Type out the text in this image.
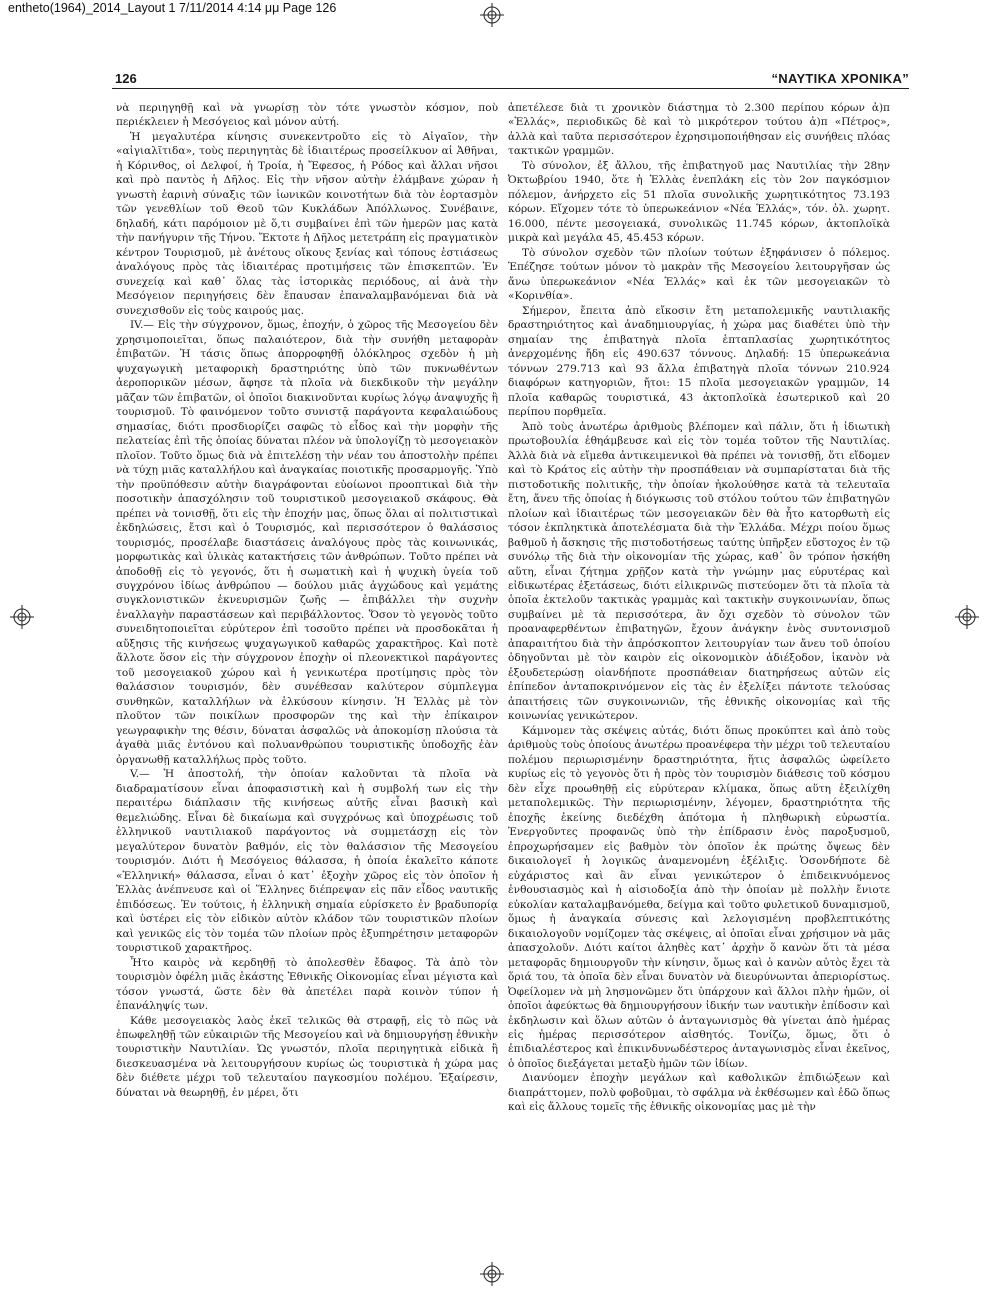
entheto(1964)_2014_Layout 1 7/11/2014 4:14 μμ Page 126
126	“ΝΑΥΤΙΚΑ ΧΡΟΝΙΚΑ”

νὰ περιηγηθῇ καὶ νὰ γνωρίσῃ τὸν τότε γνωστὸν κόσμον, ποὺ περιέκλειεν ἡ Μεσόγειος καὶ μόνον αὐτή.

Ἡ μεγαλυτέρα κίνησις συνεκεντροῦτο εἰς τὸ Αἰγαῖον, τὴν «αἰγιαλῖτιδα», τοὺς περιηγητὰς δὲ ἰδιαιτέρως προσείλκυον αἱ Ἀθῆναι, ἡ Κόρινθος, οἱ Δελφοί, ἡ Τροία, ἡ Ἔφεσος, ἡ Ρόδος καὶ ἄλλαι νῆσοι καὶ πρὸ παντὸς ἡ Δῆλος. Εἰς τὴν νῆσον αὐτὴν ἐλάμβανε χώραν ἡ γνωστὴ ἐαρινὴ σύναξις τῶν ἰωνικῶν κοινοτήτων διὰ τὸν ἑορτασμὸν τῶν γενεθλίων τοῦ Θεοῦ τῶν Κυκλάδων Ἀπόλλωνος. Συνέβαινε, δηλαδή, κάτι παρόμοιον μὲ ὅ,τι συμβαίνει ἐπὶ τῶν ἡμερῶν μας κατὰ τὴν πανήγυριν τῆς Τήνου. Ἔκτοτε ἡ Δῆλος μετετράπη εἰς πραγματικὸν κέντρον Τουρισμοῦ, μὲ ἀνέτους οἴκους ξενίας καὶ τόπους ἑστιάσεως ἀναλόγους πρὸς τὰς ἰδιαιτέρας προτιμήσεις τῶν ἐπισκεπτῶν. Ἐν συνεχείᾳ καὶ καθ᾽ ὅλας τὰς ἱστορικὰς περιόδους, αἱ ἀνὰ τὴν Μεσόγειον περιηγήσεις δὲν ἔπαυσαν ἐπαναλαμβανόμεναι διὰ νὰ συνεχισθοῦν εἰς τοὺς καιρούς μας.

IV.— Εἰς τὴν σύγχρονον, ὅμως, ἐποχήν, ὁ χῶρος τῆς Μεσογείου δὲν χρησιμοποιεῖται, ὅπως παλαιότερον, διὰ τὴν συνήθη μεταφορὰν ἐπιβατῶν. Ἡ τάσις ὅπως ἀπορροφηθῇ ὁλόκληρος σχεδὸν ἡ μὴ ψυχαγωγικὴ μεταφορικὴ δραστηριότης ὑπὸ τῶν πυκνωθέντων ἀεροπορικῶν μέσων, ἄφησε τὰ πλοῖα νὰ διεκδικοῦν τὴν μεγάλην μᾶζαν τῶν ἐπιβατῶν, οἱ ὁποῖοι διακινοῦνται κυρίως λόγῳ ἀναψυχῆς ἢ τουρισμοῦ. Τὸ φαινόμενον τοῦτο συνιστᾷ παράγοντα κεφαλαιώδους σημασίας, διότι προσδιορίζει σαφῶς τὸ εἶδος καὶ τὴν μορφὴν τῆς πελατείας ἐπὶ τῆς ὁποίας δύναται πλέον νὰ ὑπολογίζῃ τὸ μεσογειακὸν πλοῖον. Τοῦτο ὅμως διὰ νὰ ἐπιτελέσῃ τὴν νέαν του ἀποστολὴν πρέπει νὰ τύχῃ μιᾶς καταλλήλου καὶ ἀναγκαίας ποιοτικῆς προσαρμογῆς. Ὑπὸ τὴν προϋπόθεσιν αὐτὴν διαγράφονται εὐοίωνοι προοπτικαὶ διὰ τὴν ποσοτικὴν ἀπασχόλησιν τοῦ τουριστικοῦ μεσογειακοῦ σκάφους. Θὰ πρέπει νὰ τονισθῇ, ὅτι εἰς τὴν ἐποχήν μας, ὅπως ὅλαι αἱ πολιτιστικαὶ ἐκδηλώσεις, ἔτσι καὶ ὁ Τουρισμός, καὶ περισσότερον ὁ θαλάσσιος τουρισμός, προσέλαβε διαστάσεις ἀναλόγους πρὸς τὰς κοινωνικάς, μορφωτικὰς καὶ ὑλικὰς κατακτήσεις τῶν ἀνθρώπων. Τοῦτο πρέπει νὰ ἀποδοθῇ εἰς τὸ γεγονός, ὅτι ἡ σωματικὴ καὶ ἡ ψυχικὴ ὑγεία τοῦ συγχρόνου ἰδίως ἀνθρώπου — δούλου μιᾶς ἀγχώδους καὶ γεμάτης συγκλονιστικῶν ἐκνευρισμῶν ζωῆς — ἐπιβάλλει τὴν συχνὴν ἐναλλαγὴν παραστάσεων καὶ περιβάλλοντος. Ὅσον τὸ γεγονὸς τοῦτο συνειδητοποιεῖται εὐρύτερον ἐπὶ τοσοῦτο πρέπει νὰ προσδοκᾶται ἡ αὔξησις τῆς κινήσεως ψυχαγωγικοῦ καθαρῶς χαρακτῆρος. Καὶ ποτὲ ἄλλοτε ὅσον εἰς τὴν σύγχρονον ἐποχὴν οἱ πλεονεκτικοὶ παράγοντες τοῦ μεσογειακοῦ χώρου καὶ ἡ γενικωτέρα προτίμησις πρὸς τὸν θαλάσσιον τουρισμόν, δὲν συνέθεσαν καλύτερον σύμπλεγμα συνθηκῶν, καταλλήλων νὰ ἑλκύσουν κίνησιν. Ἡ Ἑλλὰς μὲ τὸν πλοῦτον τῶν ποικίλων προσφορῶν της καὶ τὴν ἐπίκαιρον γεωγραφικὴν της θέσιν, δύναται ἀσφαλῶς νὰ ἀποκομίσῃ πλούσια τὰ ἀγαθὰ μιᾶς ἐντόνου καὶ πολυανθρώπου τουριστικῆς ὑποδοχῆς ἐὰν ὀργανωθῇ καταλλήλως πρὸς τοῦτο.

V.— Ἡ ἀποστολή, τὴν ὁποίαν καλοῦνται τὰ πλοῖα νὰ διαδραματίσουν εἶναι ἀποφασιστικὴ καὶ ἡ συμβολή των εἰς τὴν περαιτέρω διάπλασιν τῆς κινήσεως αὐτῆς εἶναι βασικὴ καὶ θεμελιώδης. Εἶναι δὲ δικαίωμα καὶ συγχρόνως καὶ ὑποχρέωσις τοῦ ἑλληνικοῦ ναυτιλιακοῦ παράγοντος νὰ συμμετάσχῃ εἰς τὸν μεγαλύτερον δυνατὸν βαθμόν, εἰς τὸν θαλάσσιον τῆς Μεσογείου τουρισμόν. Διότι ἡ Μεσόγειος θάλασσα, ἡ ὁποία ἐκαλεῖτο κάποτε «Ἑλληνική» θάλασσα, εἶναι ὁ κατ᾽ ἐξοχὴν χῶρος εἰς τὸν ὁποῖον ἡ Ἑλλὰς ἀνέπνευσε καὶ οἱ Ἕλληνες διέπρεψαν εἰς πᾶν εἶδος ναυτικῆς ἐπιδόσεως. Ἐν τούτοις, ἡ ἑλληνικὴ σημαία εὑρίσκετο ἐν βραδυπορίᾳ καὶ ὑστέρει εἰς τὸν εἰδικὸν αὐτὸν κλάδον τῶν τουριστικῶν πλοίων καὶ γενικῶς εἰς τὸν τομέα τῶν πλοίων πρὸς ἐξυπηρέτησιν μεταφορῶν τουριστικοῦ χαρακτῆρος.

Ἦτο καιρὸς νὰ κερδηθῇ τὸ ἀπολεσθὲν ἔδαφος. Τὰ ἀπὸ τὸν τουρισμὸν ὀφέλη μιᾶς ἑκάστης Ἐθνικῆς Οἰκονομίας εἶναι μέγιστα καὶ τόσον γνωστά, ὥστε δὲν θὰ ἀπετέλει παρὰ κοινὸν τύπον ἡ ἐπανάληψίς των.

Κάθε μεσογειακὸς λαὸς ἐκεῖ τελικῶς θὰ στραφῇ, εἰς τὸ πῶς νὰ ἐπωφεληθῇ τῶν εὐκαιριῶν τῆς Μεσογείου καὶ νὰ δημιουργήσῃ ἐθνικὴν τουριστικὴν Ναυτιλίαν. Ὡς γνωστόν, πλοῖα περιηγητικὰ εἰδικὰ ἢ διεσκευασμένα νὰ λειτουργήσουν κυρίως ὡς τουριστικὰ ἡ χώρα μας δὲν διέθετε μέχρι τοῦ τελευταίου παγκοσμίου πολέμου. Ἐξαίρεσιν, δύναται νὰ θεωρηθῇ, ἐν μέρει, ὅτι

ἀπετέλεσε διὰ τι χρονικὸν διάστημα τὸ 2.300 περίπου κόρων ἀ)π «Ἑλλάς», περιοδικῶς δὲ καὶ τὸ μικρότερον τούτου ἀ)π «Πέτρος», ἀλλὰ καὶ ταῦτα περισσότερον ἐχρησιμοποιήθησαν εἰς συνήθεις πλόας τακτικῶν γραμμῶν.

Τὸ σύνολον, ἐξ ἄλλου, τῆς ἐπιβατηγοῦ μας Ναυτιλίας τὴν 28ην Ὀκτωβρίου 1940, ὅτε ἡ Ἑλλὰς ἐνεπλάκη εἰς τὸν 2ον παγκόσμιον πόλεμον, ἀνήρχετο εἰς 51 πλοῖα συνολικῆς χωρητικότητος 73.193 κόρων. Εἴχομεν τότε τὸ ὑπερωκεάνιον «Νέα Ἑλλάς», τόν. ὀλ. χωρητ. 16.000, πέντε μεσογειακά, συνολικῶς 11.745 κόρων, ἀκτοπλοϊκὰ μικρὰ καὶ μεγάλα 45, 45.453 κόρων.

Τὸ σύνολον σχεδὸν τῶν πλοίων τούτων ἐξηφάνισεν ὁ πόλεμος. Ἐπέζησε τούτων μόνον τὸ μακρὰν τῆς Μεσογείου λειτουργῆσαν ὡς ἄνω ὑπερωκεάνιον «Νέα Ἑλλάς» καὶ ἐκ τῶν μεσογειακῶν τὸ «Κορινθία».

Σήμερον, ἔπειτα ἀπὸ εἴκοσιν ἔτη μεταπολεμικῆς ναυτιλιακῆς δραστηριότητος καὶ ἀναδημιουργίας, ἡ χώρα μας διαθέτει ὑπὸ τὴν σημαίαν της ἐπιβατηγὰ πλοῖα ἑπταπλασίας χωρητικότητος ἀνερχομένης ἤδη εἰς 490.637 τόννους. Δηλαδή: 15 ὑπερωκεάνια τόννων 279.713 καὶ 93 ἄλλα ἐπιβατηγὰ πλοῖα τόννων 210.924 διαφόρων κατηγοριῶν, ἤτοι: 15 πλοῖα μεσογειακῶν γραμμῶν, 14 πλοῖα καθαρῶς τουριστικά, 43 ἀκτοπλοϊκὰ ἐσωτερικοῦ καὶ 20 περίπου πορθμεῖα.

Ἀπὸ τοὺς ἀνωτέρω ἀριθμοὺς βλέπομεν καὶ πάλιν, ὅτι ἡ ἰδιωτικὴ πρωτοβουλία ἐθηάμβευσε καὶ εἰς τὸν τομέα τοῦτον τῆς Ναυτιλίας. Ἀλλὰ διὰ νὰ εἴμεθα ἀντικειμενικοὶ θὰ πρέπει νὰ τονισθῇ, ὅτι εἴδομεν καὶ τὸ Κράτος εἰς αὐτὴν τὴν προσπάθειαν νὰ συμπαρίσταται διὰ τῆς πιστοδοτικῆς πολιτικῆς, τὴν ὁποίαν ἠκολούθησε κατὰ τὰ τελευταῖα ἔτη, ἄνευ τῆς ὁποίας ἡ διόγκωσις τοῦ στόλου τούτου τῶν ἐπιβατηγῶν πλοίων καὶ ἰδιαιτέρως τῶν μεσογειακῶν δὲν θὰ ἦτο κατορθωτὴ εἰς τόσον ἐκπληκτικὰ ἀποτελέσματα διὰ τὴν Ἑλλάδα. Μέχρι ποίου ὅμως βαθμοῦ ἡ ἄσκησις τῆς πιστοδοτήσεως ταύτης ὑπῆρξεν εὔστοχος ἐν τῷ συνόλῳ τῆς διὰ τὴν οἰκονομίαν τῆς χώρας, καθ᾽ ὃν τρόπον ἠσκήθη αὕτη, εἶναι ζήτημα χρῇζον κατὰ τὴν γνώμην μας εὐρυτέρας καὶ εἰδικωτέρας ἐξετάσεως, διότι εἰλικρινῶς πιστεύομεν ὅτι τὰ πλοῖα τὰ ὁποῖα ἐκτελοῦν τακτικὰς γραμμὰς καὶ τακτικὴν συγκοινωνίαν, ὅπως συμβαίνει μὲ τὰ περισσότερα, ἂν ὄχι σχεδὸν τὸ σύνολον τῶν προαναφερθέντων ἐπιβατηγῶν, ἔχουν ἀνάγκην ἑνὸς συντονισμοῦ ἀπαραιτήτου διὰ τὴν ἀπρόσκοπτον λειτουργίαν των ἄνευ τοῦ ὁποίου ὁδηγοῦνται μὲ τὸν καιρὸν εἰς οἰκονομικὸν ἀδιέξοδον, ἱκανὸν νὰ ἐξουδετερώσῃ οἱανδήποτε προσπάθειαν διατηρήσεως αὐτῶν εἰς ἐπίπεδον ἀνταποκρινόμενον εἰς τὰς ἐν ἐξελίξει πάντοτε τελούσας ἀπαιτήσεις τῶν συγκοινωνιῶν, τῆς ἐθνικῆς οἰκονομίας καὶ τῆς κοινωνίας γενικώτερον.

Κάμνομεν τὰς σκέψεις αὐτάς, διότι ὅπως προκύπτει καὶ ἀπὸ τοὺς ἀριθμοὺς τοὺς ὁποίους ἀνωτέρω προανέφερα τὴν μέχρι τοῦ τελευταίου πολέμου περιωρισμένην δραστηριότητα, ἥτις ἀσφαλῶς ὠφείλετο κυρίως εἰς τὸ γεγονὸς ὅτι ἡ πρὸς τὸν τουρισμὸν διάθεσις τοῦ κόσμου δὲν εἶχε προωθηθῇ εἰς εὐρύτεραν κλίμακα, ὅπως αὕτη ἐξειλίχθη μεταπολεμικῶς. Τὴν περιωρισμένην, λέγομεν, δραστηριότητα τῆς ἐποχῆς ἐκείνης διεδέχθη ἀπότομα ἡ πληθωρικὴ εὐρωστία. Ἐνεργοῦντες προφανῶς ὑπὸ τὴν ἐπίδρασιν ἑνὸς παροξυσμοῦ, ἐπροχωρήσαμεν εἰς βαθμὸν τὸν ὁποῖον ἐκ πρώτης ὄψεως δὲν δικαιολογεῖ ἡ λογικῶς ἀναμενομένη ἐξέλιξις. Ὁσονδήποτε δὲ εὐχάριστος καὶ ἂν εἶναι γενικώτερον ὁ ἐπιδεικνυόμενος ἐνθουσιασμὸς καὶ ἡ αἰσιοδοξία ἀπὸ τὴν ὁποίαν μὲ πολλὴν ἔνιοτε εὐκολίαν καταλαμβανόμεθα, δείγμα καὶ τοῦτο φυλετικοῦ δυναμισμοῦ, ὅμως ἡ ἀναγκαία σύνεσις καὶ λελογισμένη προβλεπτικότης δικαιολογοῦν νομίζομεν τὰς σκέψεις, αἱ ὁποῖαι εἶναι χρήσιμον νὰ μᾶς ἀπασχολοῦν. Διότι καίτοι ἀληθὲς κατ᾽ ἀρχὴν ὅ κανὼν ὅτι τὰ μέσα μεταφορᾶς δημιουργοῦν τὴν κίνησιν, ὅμως καὶ ὁ κανὼν αὐτὸς ἔχει τὰ ὅριά του, τὰ ὁποῖα δὲν εἶναι δυνατὸν νὰ διευρύνωνται ἀπεριορίστως. Ὀφείλομεν νὰ μὴ λησμονῶμεν ὅτι ὑπάρχουν καὶ ἄλλοι πλὴν ἡμῶν, οἱ ὁποῖοι ἀφεύκτως θὰ δημιουργήσουν ἰδικήν των ναυτικὴν ἐπίδοσιν καὶ ἐκδηλωσιν καὶ ὅλων αὐτῶν ὁ ἀνταγωνισμὸς θὰ γίνεται ἀπὸ ἡμέρας εἰς ἡμέρας περισσότερον αἰσθητός. Τονίζω, ὅμως, ὅτι ὁ ἐπιδιαλέστερος καὶ ἐπικινδυνωδέστερος ἀνταγωνισμὸς εἶναι ἐκεῖνος, ὁ ὁποῖος διεξάγεται μεταξὺ ἡμῶν τῶν ἰδίων.

Διανύομεν ἐποχὴν μεγάλων καὶ καθολικῶν ἐπιδιώξεων καὶ διαπράττομεν, πολὺ φοβοῦμαι, τὸ σφάλμα νὰ ἐκθέσωμεν καὶ ἐδῶ ὅπως καὶ εἰς ἄλλους τομεῖς τῆς ἐθνικῆς οἰκονομίας μας μὲ τὴν
